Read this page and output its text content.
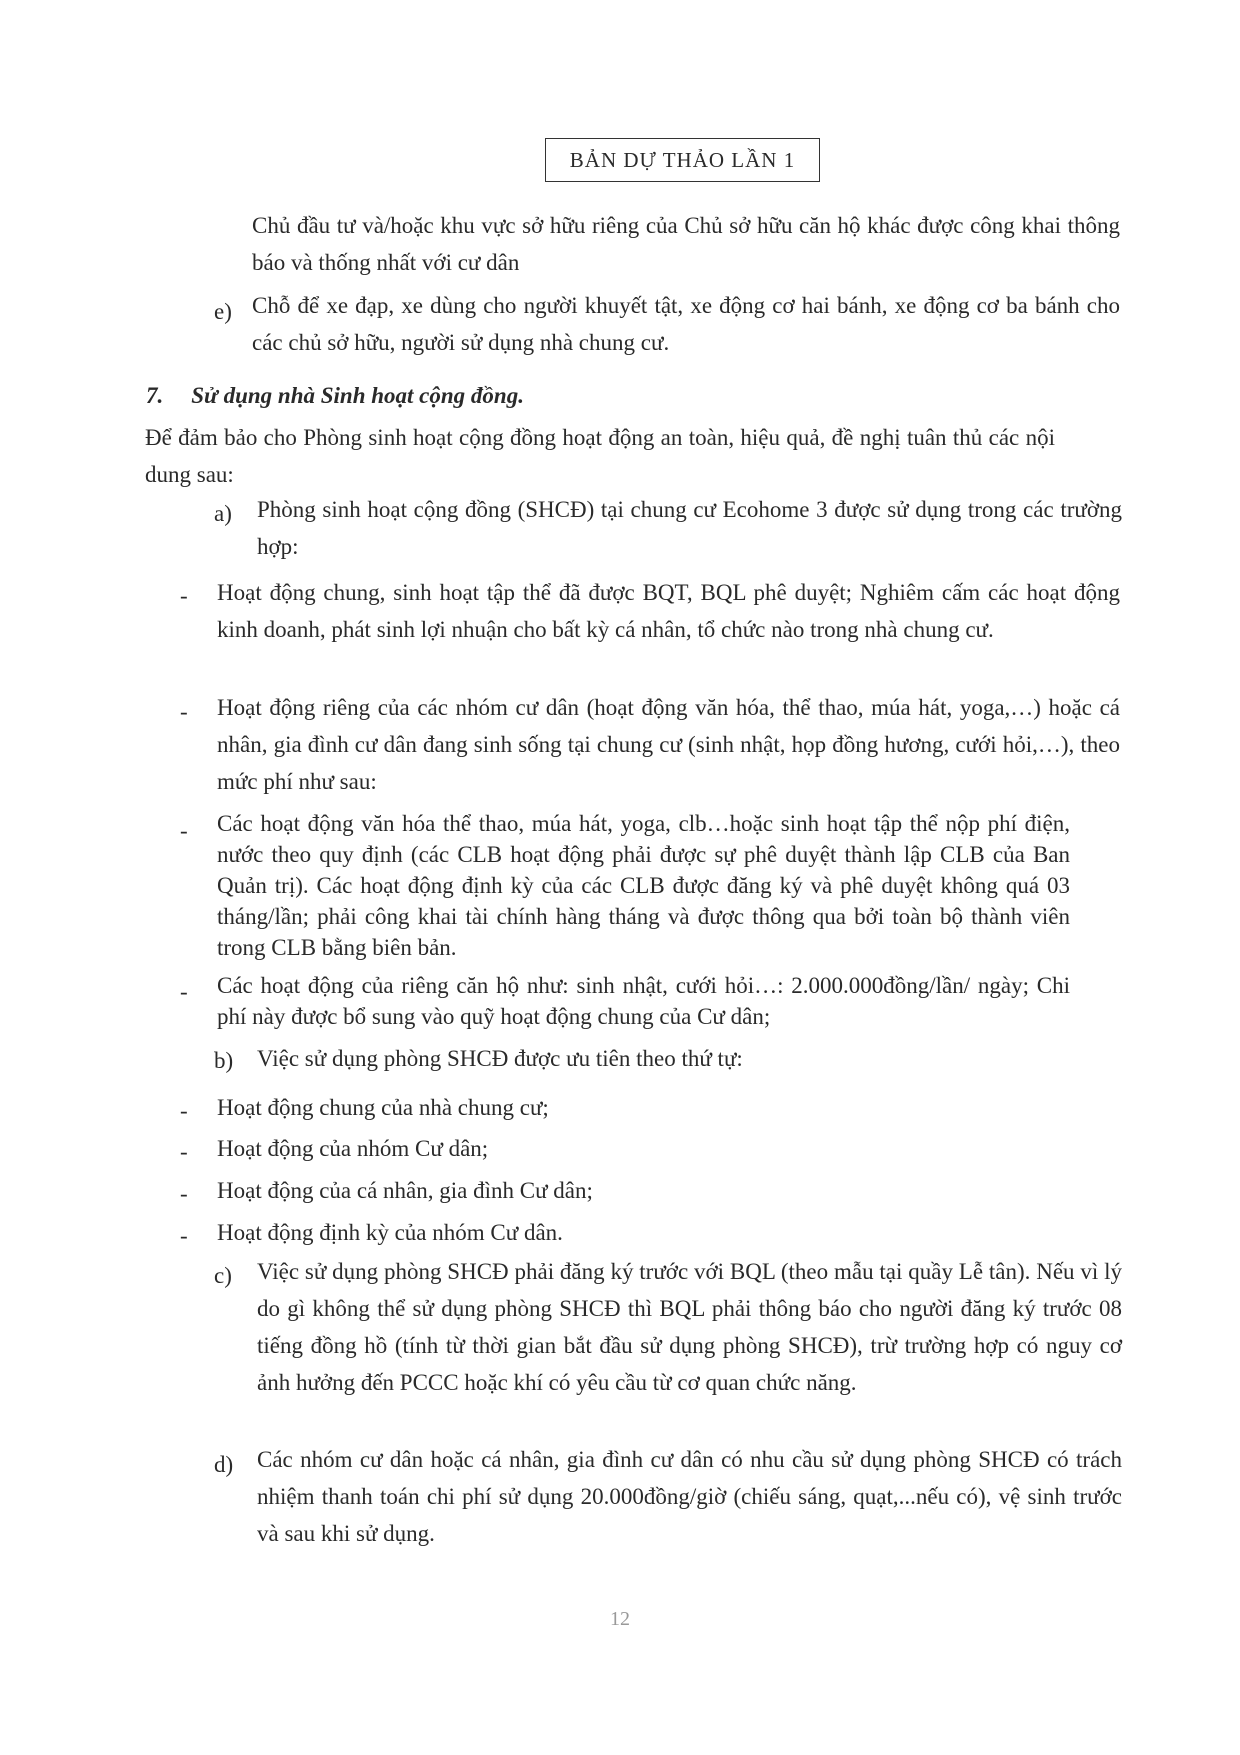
BẢN DỰ THẢO LẦN 1
Chủ đầu tư và/hoặc khu vực sở hữu riêng của Chủ sở hữu căn hộ khác được công khai thông báo và thống nhất với cư dân
e) Chỗ để xe đạp, xe dùng cho người khuyết tật, xe động cơ hai bánh, xe động cơ ba bánh cho các chủ sở hữu, người sử dụng nhà chung cư.
7. Sử dụng nhà Sinh hoạt cộng đồng.
Để đảm bảo cho Phòng sinh hoạt cộng đồng hoạt động an toàn, hiệu quả, đề nghị tuân thủ các nội dung sau:
a) Phòng sinh hoạt cộng đồng (SHCĐ) tại chung cư Ecohome 3 được sử dụng trong các trường hợp:
- Hoạt động chung, sinh hoạt tập thể đã được BQT, BQL phê duyệt; Nghiêm cấm các hoạt động kinh doanh, phát sinh lợi nhuận cho bất kỳ cá nhân, tổ chức nào trong nhà chung cư.
- Hoạt động riêng của các nhóm cư dân (hoạt động văn hóa, thể thao, múa hát, yoga,…) hoặc cá nhân, gia đình cư dân đang sinh sống tại chung cư (sinh nhật, họp đồng hương, cưới hỏi,…), theo mức phí như sau:
- Các hoạt động văn hóa thể thao, múa hát, yoga, clb…hoặc sinh hoạt tập thể nộp phí điện, nước theo quy định (các CLB hoạt động phải được sự phê duyệt thành lập CLB của Ban Quản trị). Các hoạt động định kỳ của các CLB được đăng ký và phê duyệt không quá 03 tháng/lần; phải công khai tài chính hàng tháng và được thông qua bởi toàn bộ thành viên trong CLB bằng biên bản.
- Các hoạt động của riêng căn hộ như: sinh nhật, cưới hỏi…: 2.000.000đồng/lần/ ngày; Chi phí này được bổ sung vào quỹ hoạt động chung của Cư dân;
b) Việc sử dụng phòng SHCĐ được ưu tiên theo thứ tự:
- Hoạt động chung của nhà chung cư;
- Hoạt động của nhóm Cư dân;
- Hoạt động của cá nhân, gia đình Cư dân;
- Hoạt động định kỳ của nhóm Cư dân.
c) Việc sử dụng phòng SHCĐ phải đăng ký trước với BQL (theo mẫu tại quầy Lễ tân). Nếu vì lý do gì không thể sử dụng phòng SHCĐ thì BQL phải thông báo cho người đăng ký trước 08 tiếng đồng hồ (tính từ thời gian bắt đầu sử dụng phòng SHCĐ), trừ trường hợp có nguy cơ ảnh hưởng đến PCCC hoặc khí có yêu cầu từ cơ quan chức năng.
d) Các nhóm cư dân hoặc cá nhân, gia đình cư dân có nhu cầu sử dụng phòng SHCĐ có trách nhiệm thanh toán chi phí sử dụng 20.000đồng/giờ (chiếu sáng, quạt,...nếu có), vệ sinh trước và sau khi sử dụng.
12
